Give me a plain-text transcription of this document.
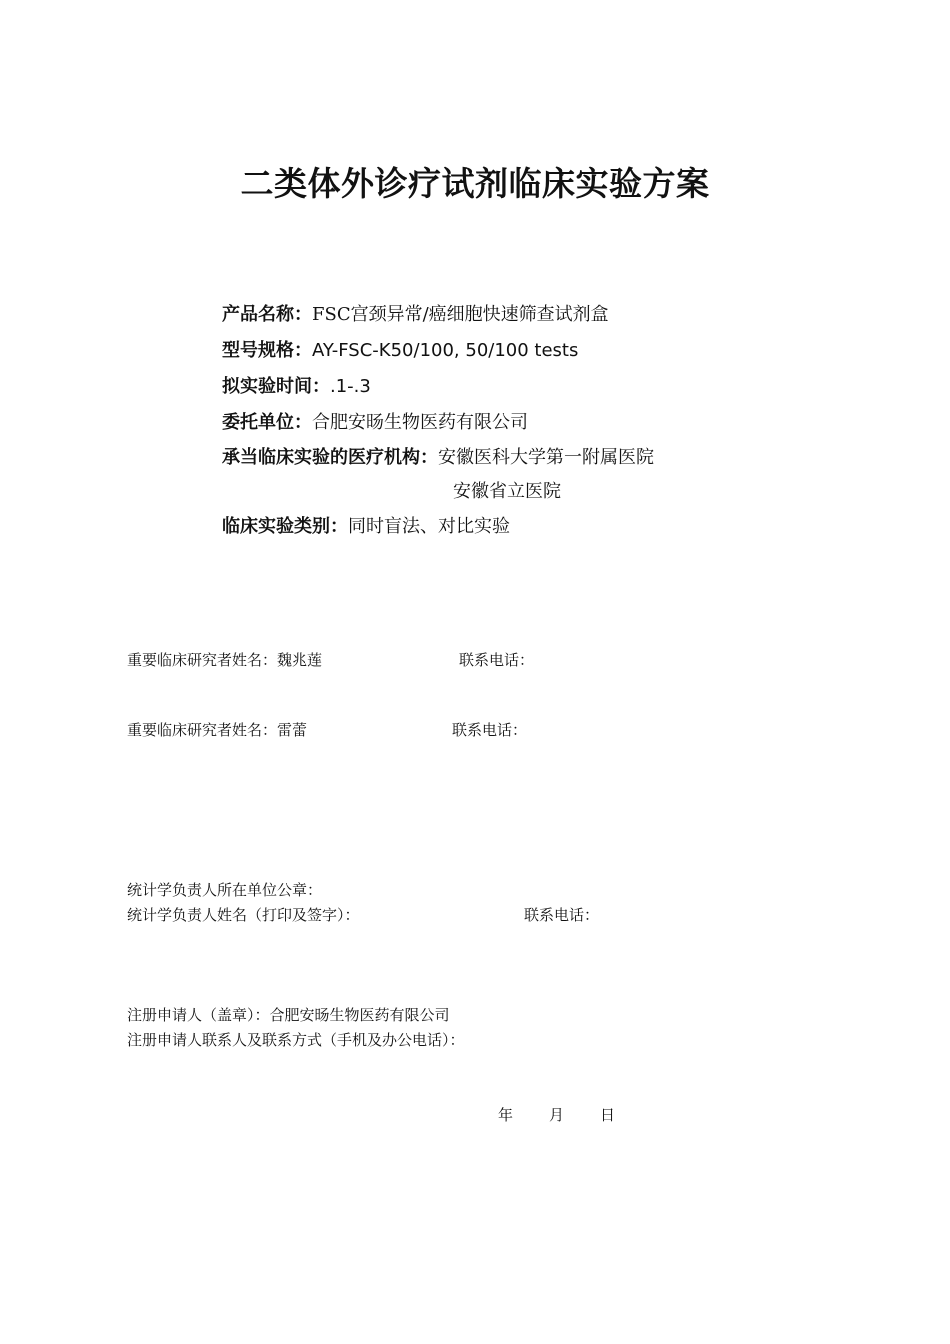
二类体外诊疗试剂临床实验方案
产品名称：FSC宫颈异常/癌细胞快速筛查试剂盒
型号规格：AY-FSC-K50/100, 50/100 tests
拟实验时间：.1-.3
委托单位：合肥安旸生物医药有限公司
承当临床实验的医疗机构：安徽医科大学第一附属医院
安徽省立医院
临床实验类别：同时盲法、对比实验
重要临床研究者姓名：魏兆莲	联系电话：
重要临床研究者姓名：雷蕾	联系电话：
统计学负责人所在单位公章：
统计学负责人姓名（打印及签字）：	联系电话：
注册申请人（盖章）：合肥安旸生物医药有限公司
注册申请人联系人及联系方式（手机及办公电话）：
年 月 日
